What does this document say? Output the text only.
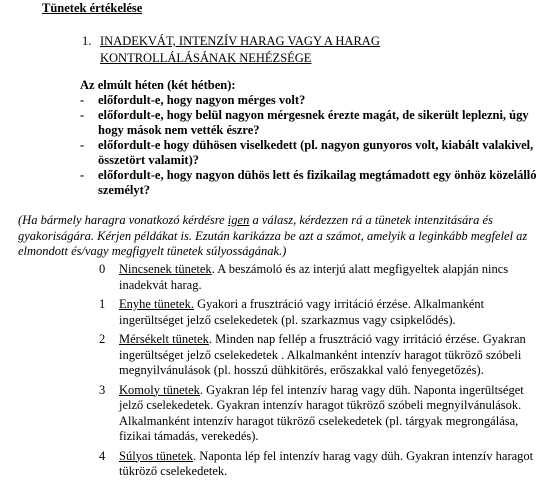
Tünetek értékelése
1. INADEKVÁT, INTENZÍV HARAG VAGY A HARAG
KONTROLLÁLÁSÁNAK NEHÉZSÉGE
Az elmúlt héten (két hétben):
- előfordult-e, hogy nagyon mérges volt?
- előfordult-e, hogy belül nagyon mérgesnek érezte magát, de sikerült leplezni, úgy hogy mások nem vették észre?
- előfordult-e hogy dühösen viselkedett (pl. nagyon gunyoros volt, kiabált valakivel, összetört valamit)?
- előfordult-e, hogy nagyon dühös lett és fizikailag megtámadott egy önhöz közelálló személyt?
(Ha bármely haragra vonatkozó kérdésre igen a válasz, kérdezzen rá a tünetek intenzitására és gyakoriságára. Kérjen példákat is. Ezután karikázza be azt a számot, amelyik a leginkább megfelel az elmondott és/vagy megfigyelt tünetek súlyosságának.)
0 Nincsenek tünetek. A beszámoló és az interjú alatt megfigyeltek alapján nincs inadekvát harag.
1 Enyhe tünetek. Gyakori a frusztráció vagy irritáció érzése. Alkalmanként ingerültséget jelző cselekedetek (pl. szarkazmus vagy csipkelődés).
2 Mérsékelt tünetek. Minden nap fellép a frusztráció vagy irritáció érzése. Gyakran ingerültséget jelző cselekedetek . Alkalmanként intenzív haragot tükröző szóbeli megnyilvánulások (pl. hosszú dühkitörés, erőszakkal való fenyegetőzés).
3 Komoly tünetek. Gyakran lép fel intenzív harag vagy düh. Naponta ingerültséget jelző cselekedetek. Gyakran intenzív haragot tükröző szóbeli megnyilvánulások. Alkalmanként intenzív haragot tükröző cselekedetek (pl. tárgyak megrongálása, fizikai támadás, verekedés).
4 Súlyos tünetek. Naponta lép fel intenzív harag vagy düh. Gyakran intenzív haragot tükröző cselekedetek.
